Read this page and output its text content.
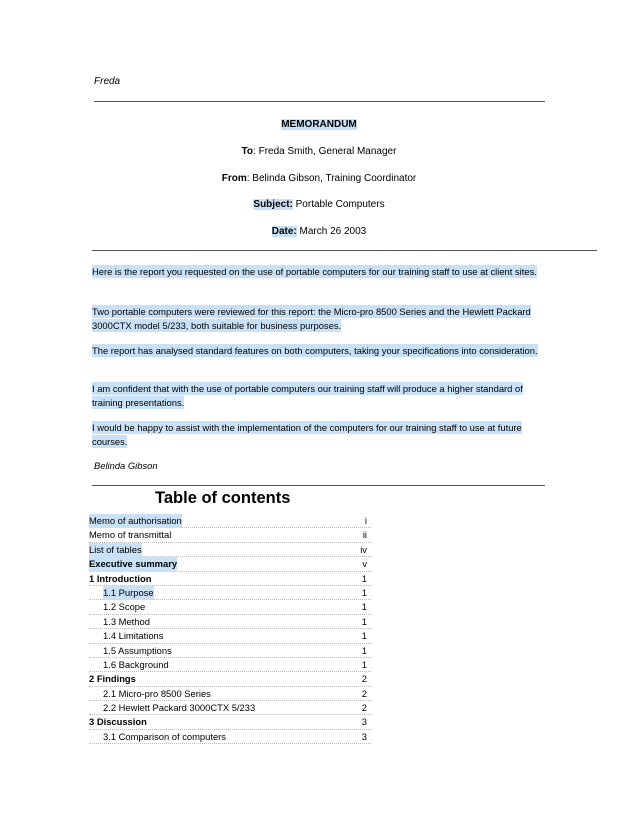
Freda
MEMORANDUM
To: Freda Smith, General Manager
From: Belinda Gibson, Training Coordinator
Subject: Portable Computers
Date: March 26 2003
Here is the report you requested on the use of portable computers for our training staff to use at client sites.
Two portable computers were reviewed for this report: the Micro-pro 8500 Series and the Hewlett Packard 3000CTX model 5/233, both suitable for business purposes.
The report has analysed standard features on both computers, taking your specifications into consideration.
I am confident that with the use of portable computers our training staff will produce a higher standard of training presentations.
I would be happy to assist with the implementation of the computers for our training staff to use at future courses.
Belinda Gibson
Table of contents
Memo of authorisation	i
Memo of transmittal	ii
List of tables	iv
Executive summary	v
1 Introduction	1
1.1 Purpose	1
1.2 Scope	1
1.3 Method	1
1.4 Limitations	1
1.5 Assumptions	1
1.6 Background	1
2 Findings	2
2.1 Micro-pro 8500 Series	2
2.2 Hewlett Packard 3000CTX 5/233	2
3 Discussion	3
3.1 Comparison of computers	3
